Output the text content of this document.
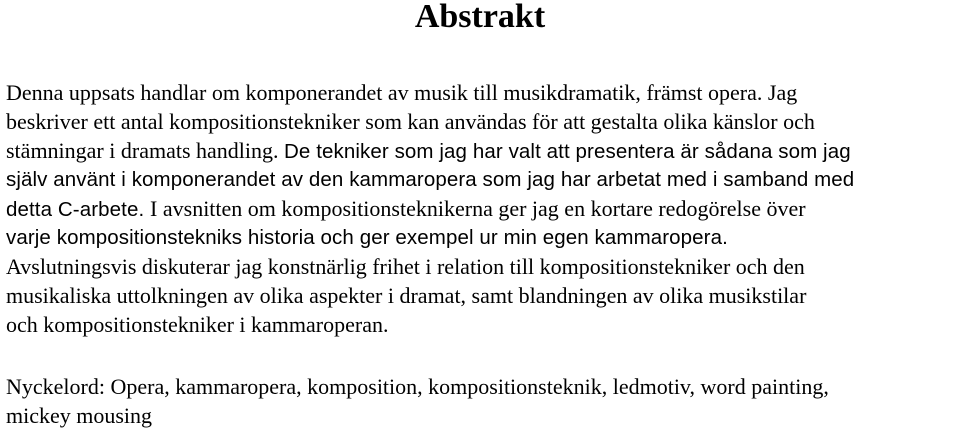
Abstrakt
Denna uppsats handlar om komponerandet av musik till musikdramatik, främst opera. Jag
beskriver ett antal kompositionstekniker som kan användas för att gestalta olika känslor och
stämningar i dramats handling. De tekniker som jag har valt att presentera är sådana som jag
själv använt i komponerandet av den kammaropera som jag har arbetat med i samband med
detta C-arbete. I avsnitten om kompositionsteknikerna ger jag en kortare redogörelse över
varje kompositionstekniks historia och ger exempel ur min egen kammaropera.
Avslutningsvis diskuterar jag konstnärlig frihet i relation till kompositionstekniker och den
musikaliska uttolkningen av olika aspekter i dramat, samt blandningen av olika musikstilar
och kompositionstekniker i kammaroperan.
Nyckelord: Opera, kammaropera, komposition, kompositionsteknik, ledmotiv, word painting,
mickey mousing
